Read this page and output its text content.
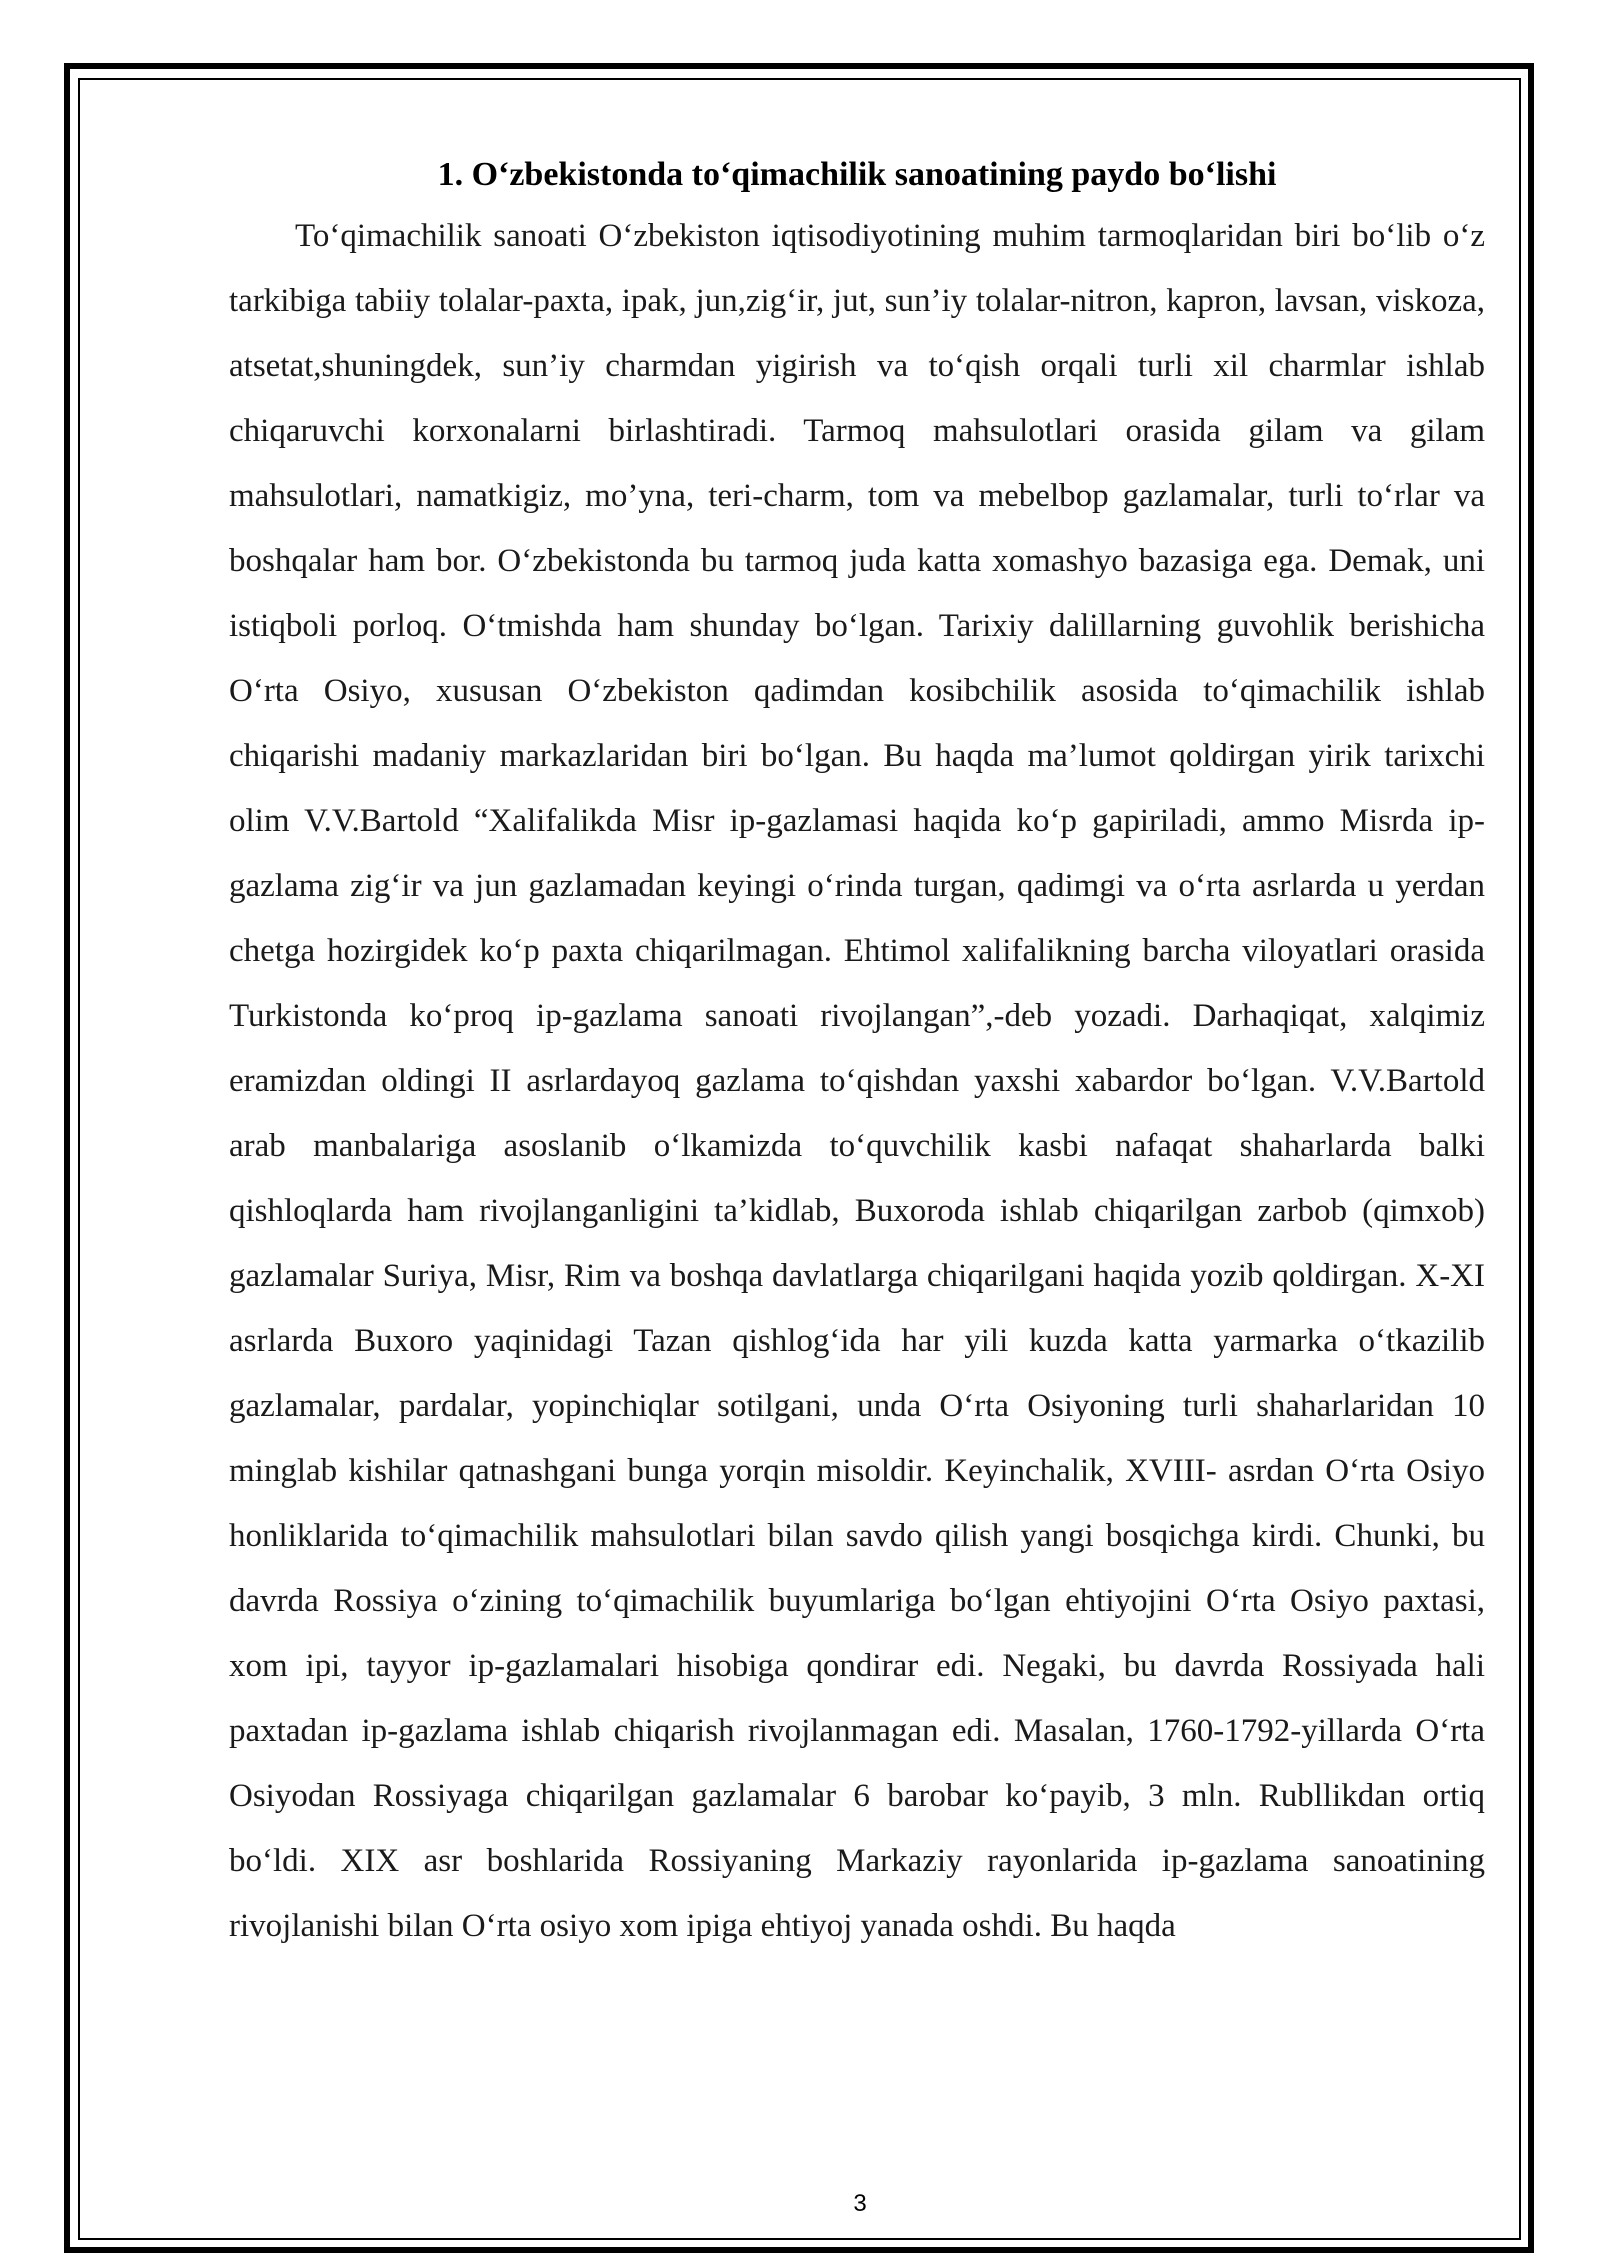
1. O‘zbekistonda to‘qimachilik sanoatining paydo bo‘lishi

To‘qimachilik sanoati O‘zbekiston iqtisodiyotining muhim tarmoqlaridan biri bo‘lib o‘z tarkibiga tabiiy tolalar-paxta, ipak, jun,zig‘ir, jut, sun’iy tolalar-nitron, kapron, lavsan, viskoza, atsetat,shuningdek, sun’iy charmdan yigirish va to‘qish orqali turli xil charmlar ishlab chiqaruvchi korxonalarni birlashtiradi. Tarmoq mahsulotlari orasida gilam va gilam mahsulotlari, namatkigiz, mo’yna, teri-charm, tom va mebelbop gazlamalar, turli to‘rlar va boshqalar ham bor. O‘zbekistonda bu tarmoq juda katta xomashyo bazasiga ega. Demak, uni istiqboli porloq. O‘tmishda ham shunday bo‘lgan. Tarixiy dalillarning guvohlik berishicha O‘rta Osiyo, xususan O‘zbekiston qadimdan kosibchilik asosida to‘qimachilik ishlab chiqarishi madaniy markazlaridan biri bo‘lgan. Bu haqda ma’lumot qoldirgan yirik tarixchi olim V.V.Bartold “Xalifalikda Misr ip-gazlamasi haqida ko‘p gapiriladi, ammo Misrda ip-gazlama zig‘ir va jun gazlamadan keyingi o‘rinda turgan, qadimgi va o‘rta asrlarda u yerdan chetga hozirgidek ko‘p paxta chiqarilmagan. Ehtimol xalifalikning barcha viloyatlari orasida Turkistonda ko‘proq ip-gazlama sanoati rivojlangan”,-deb yozadi. Darhaqiqat, xalqimiz eramizdan oldingi II asrlardayoq gazlama to‘qishdan yaxshi xabardor bo‘lgan. V.V.Bartold arab manbalariga asoslanib o‘lkamizda to‘quvchilik kasbi nafaqat shaharlarda balki qishloqlarda ham rivojlanganligini ta’kidlab, Buxoroda ishlab chiqarilgan zarbob (qimxob) gazlamalar Suriya, Misr, Rim va boshqa davlatlarga chiqarilgani haqida yozib qoldirgan. X-XI asrlarda Buxoro yaqinidagi Tazan qishlog‘ida har yili kuzda katta yarmarka o‘tkazilib gazlamalar, pardalar, yopinchiqlar sotilgani, unda O‘rta Osiyoning turli shaharlaridan 10 minglab kishilar qatnashgani bunga yorqin misoldir. Keyinchalik, XVIII- asrdan O‘rta Osiyo honliklarida to‘qimachilik mahsulotlari bilan savdo qilish yangi bosqichga kirdi. Chunki, bu davrda Rossiya o‘zining to‘qimachilik buyumlariga bo‘lgan ehtiyojini O‘rta Osiyo paxtasi, xom ipi, tayyor ip-gazlamalari hisobiga qondirar edi. Negaki, bu davrda Rossiyada hali paxtadan ip-gazlama ishlab chiqarish rivojlanmagan edi. Masalan, 1760-1792-yillarda O‘rta Osiyodan Rossiyaga chiqarilgan gazlamalar 6 barobar ko‘payib, 3 mln. Rubllikdan ortiq bo‘ldi. XIX asr boshlarida Rossiyaning Markaziy rayonlarida ip-gazlama sanoatining rivojlanishi bilan O‘rta osiyo xom ipiga ehtiyoj yanada oshdi. Bu haqda

3
